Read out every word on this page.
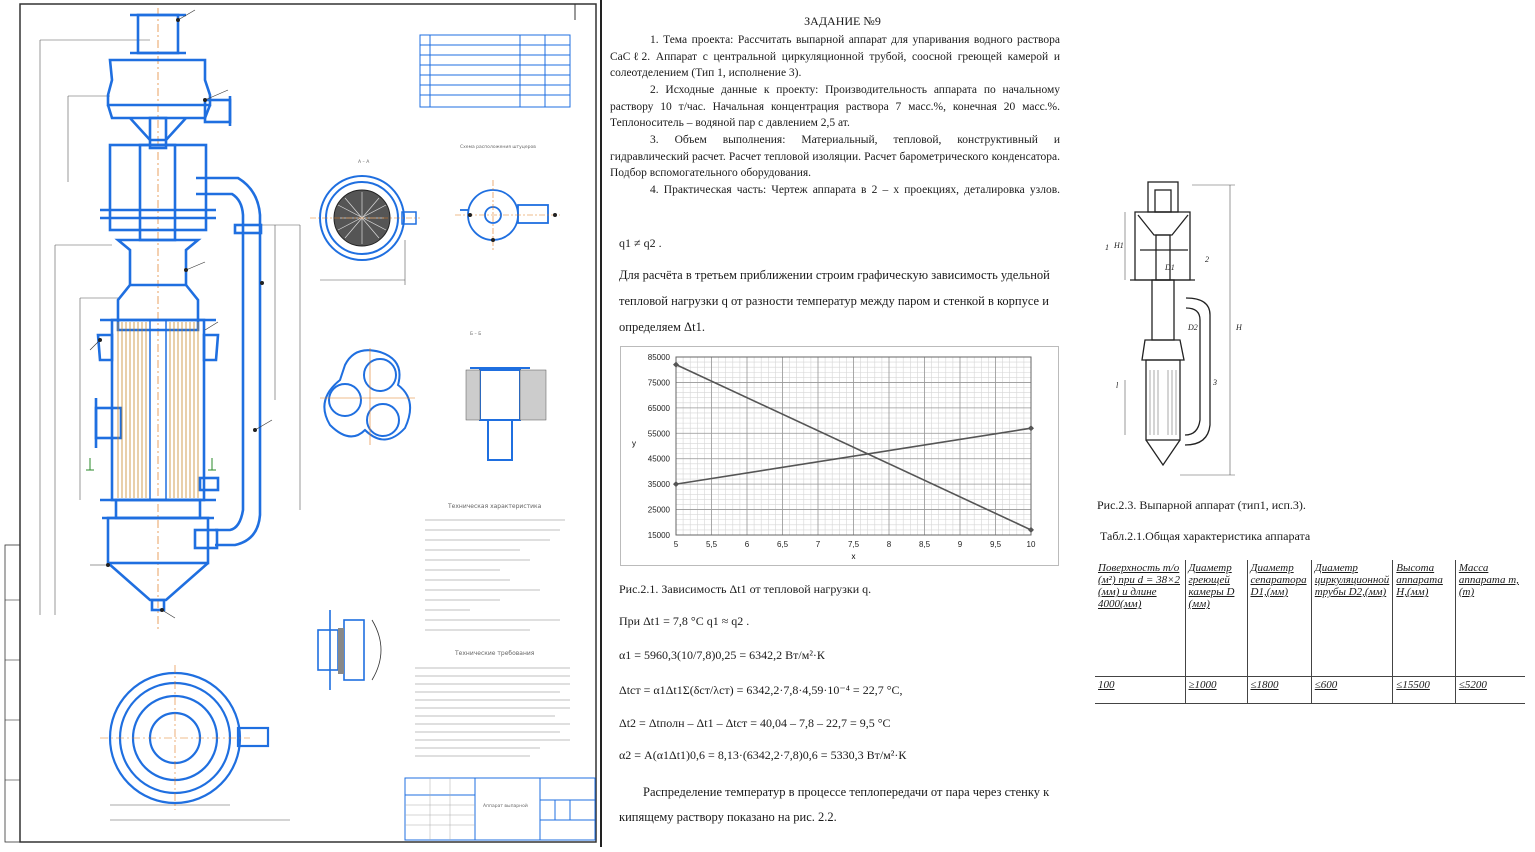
А – А
Схема расположения штуцеров
Б – Б
Техническая характеристика
Технические требования
Аппарат выпарной
ЗАДАНИЕ №9
1. Тема проекта: Рассчитать выпарной аппарат для упаривания водного раствора CaCℓ2. Аппарат с центральной циркуляционной трубой, соосной греющей камерой и солеотделением (Тип 1, исполнение 3).
2. Исходные данные к проекту: Производительность аппарата по начальному раствору 10 т/час. Начальная концентрация раствора 7 масс.%, конечная 20 масс.%. Теплоноситель – водяной пар с давлением 2,5 ат.
3. Объем выполнения: Материальный, тепловой, конструктивный и гидравлический расчет. Расчет тепловой изоляции. Расчет барометрического конденсатора. Подбор вспомогательного оборудования.
4. Практическая часть: Чертеж аппарата в 2 – х проекциях, деталировка узлов.
q1 ≠ q2 .
Для расчёта в третьем приближении строим графическую зависимость удельной тепловой нагрузки q от разности температур между паром и стенкой в корпусе и определяем Δt1.
5	5,5	6	6,5	7	7,5	8	8,5	9	9,5	10
15000
25000
35000
45000
55000
65000
75000
85000
x
y
Рис.2.1. Зависимость Δt1 от тепловой нагрузки q.
При Δt1 = 7,8 °C q1 ≈ q2 .
α1 = 5960,3(10/7,8)0,25 = 6342,2 Вт/м²·К
Δtст = α1Δt1Σ(δст/λст) = 6342,2·7,8·4,59·10⁻⁴ = 22,7 °С,
Δt2 = Δtполн – Δt1 – Δtст = 40,04 – 7,8 – 22,7 = 9,5 °С
α2 = A(α1Δt1)0,6 = 8,13·(6342,2·7,8)0,6 = 5330,3 Вт/м²·К
Распределение температур в процессе теплопередачи от пара через стенку к кипящему раствору показано на рис. 2.2.
H1
D1
1
2
D2	H
l	3
Рис.2.3. Выпарной аппарат (тип1, исп.3).
Табл.2.1.Общая характеристика аппарата
Поверхность т/о (м²) при d = 38×2 (мм) и длине 4000(мм)	Диаметр греющей камеры D (мм)	Диаметр сепаратора D1,(мм)	Диаметр циркуляционной трубы D2,(мм)	Высота аппарата H,(мм)	Масса аппарата m,(т)
100	≥1000	≤1800	≤600	≤15500	≤5200
